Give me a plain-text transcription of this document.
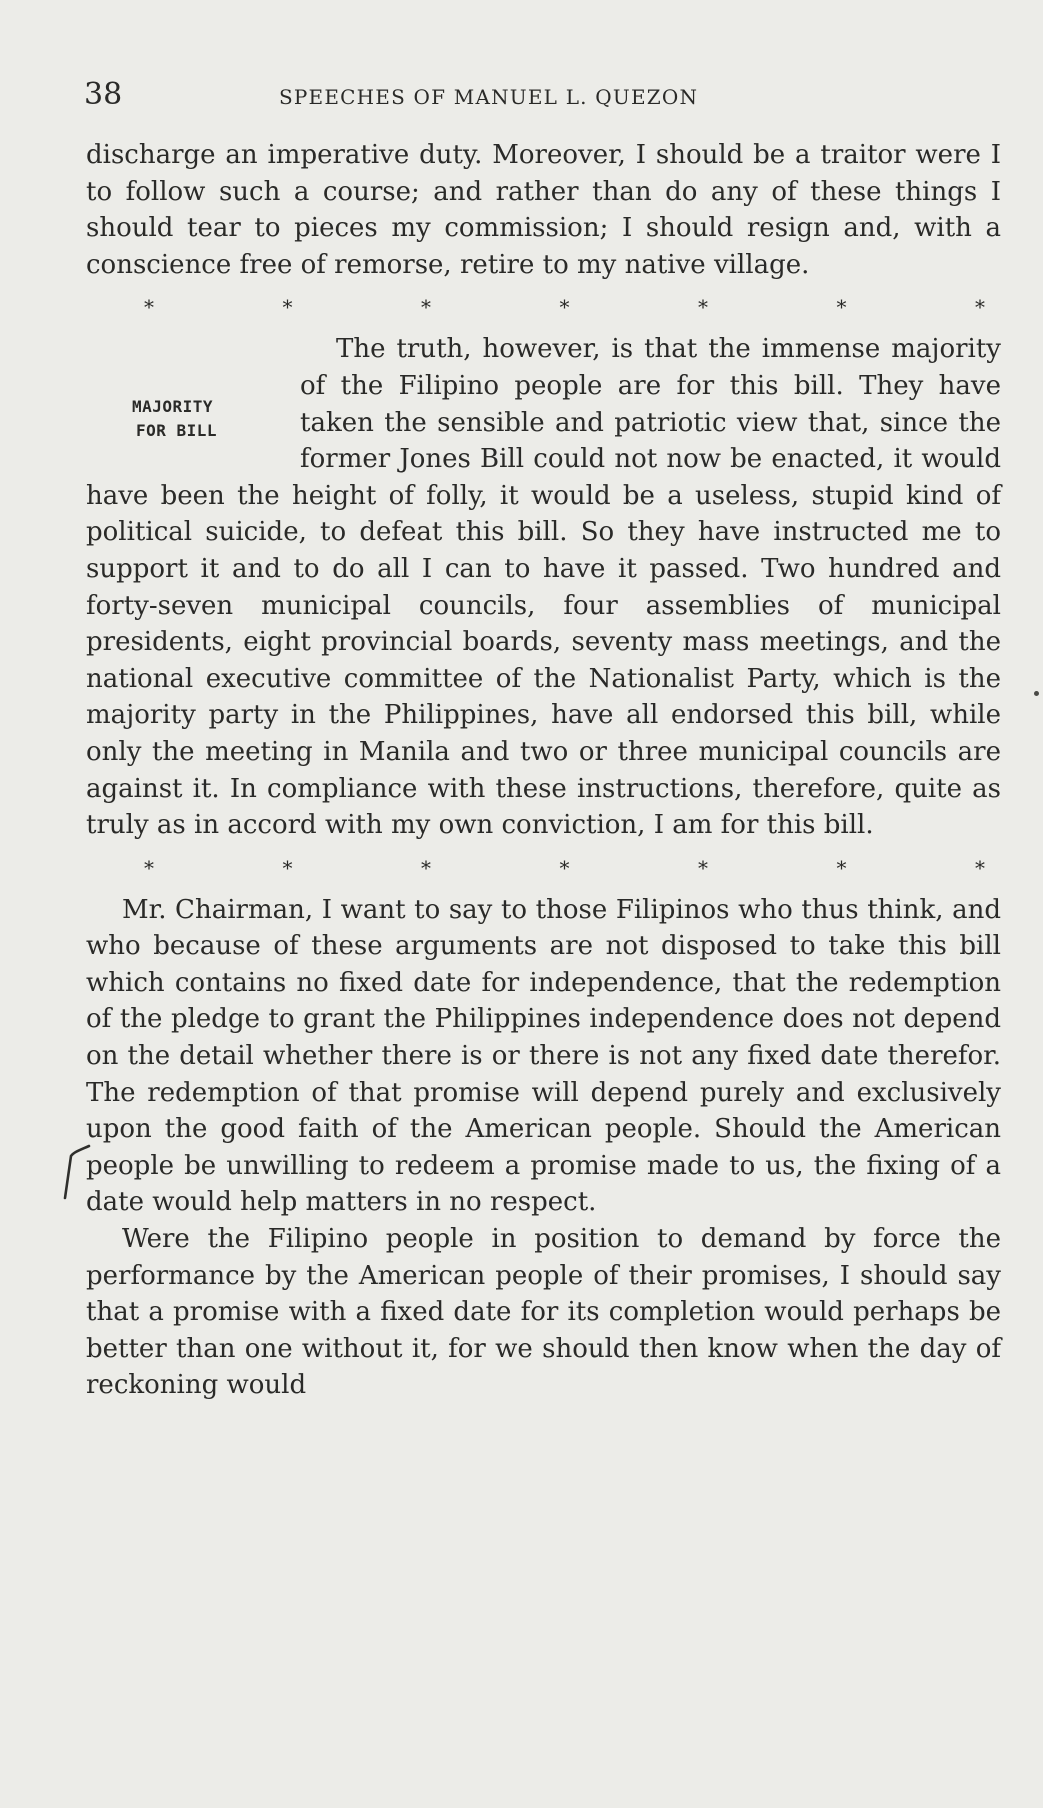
38	SPEECHES OF MANUEL L. QUEZON

discharge an imperative duty. Moreover, I should be a traitor were I to follow such a course; and rather than do any of these things I should tear to pieces my commission; I should resign and, with a conscience free of remorse, retire to my native village.

*	*	*	*	*	*	*
MAJORITY
FOR BILL

The truth, however, is that the immense majority of the Filipino people are for this bill. They have taken the sensible and patriotic view that, since the former Jones Bill could not now be enacted, it would have been the height of folly, it would be a useless, stupid kind of political suicide, to defeat this bill. So they have instructed me to support it and to do all I can to have it passed. Two hundred and forty-seven municipal councils, four assemblies of municipal presidents, eight provincial boards, seventy mass meetings, and the national executive committee of the Nationalist Party, which is the majority party in the Philippines, have all endorsed this bill, while only the meeting in Manila and two or three municipal councils are against it. In compliance with these instructions, therefore, quite as truly as in accord with my own conviction, I am for this bill.

*	*	*	*	*	*	*

Mr. Chairman, I want to say to those Filipinos who thus think, and who because of these arguments are not disposed to take this bill which contains no fixed date for independence, that the redemption of the pledge to grant the Philippines independence does not depend on the detail whether there is or there is not any fixed date therefor. The redemption of that promise will depend purely and exclusively upon the good faith of the American people. Should the American people be unwilling to redeem a promise made to us, the fixing of a date would help matters in no respect.

Were the Filipino people in position to demand by force the performance by the American people of their promises, I should say that a promise with a fixed date for its completion would perhaps be better than one without it, for we should then know when the day of reckoning would
